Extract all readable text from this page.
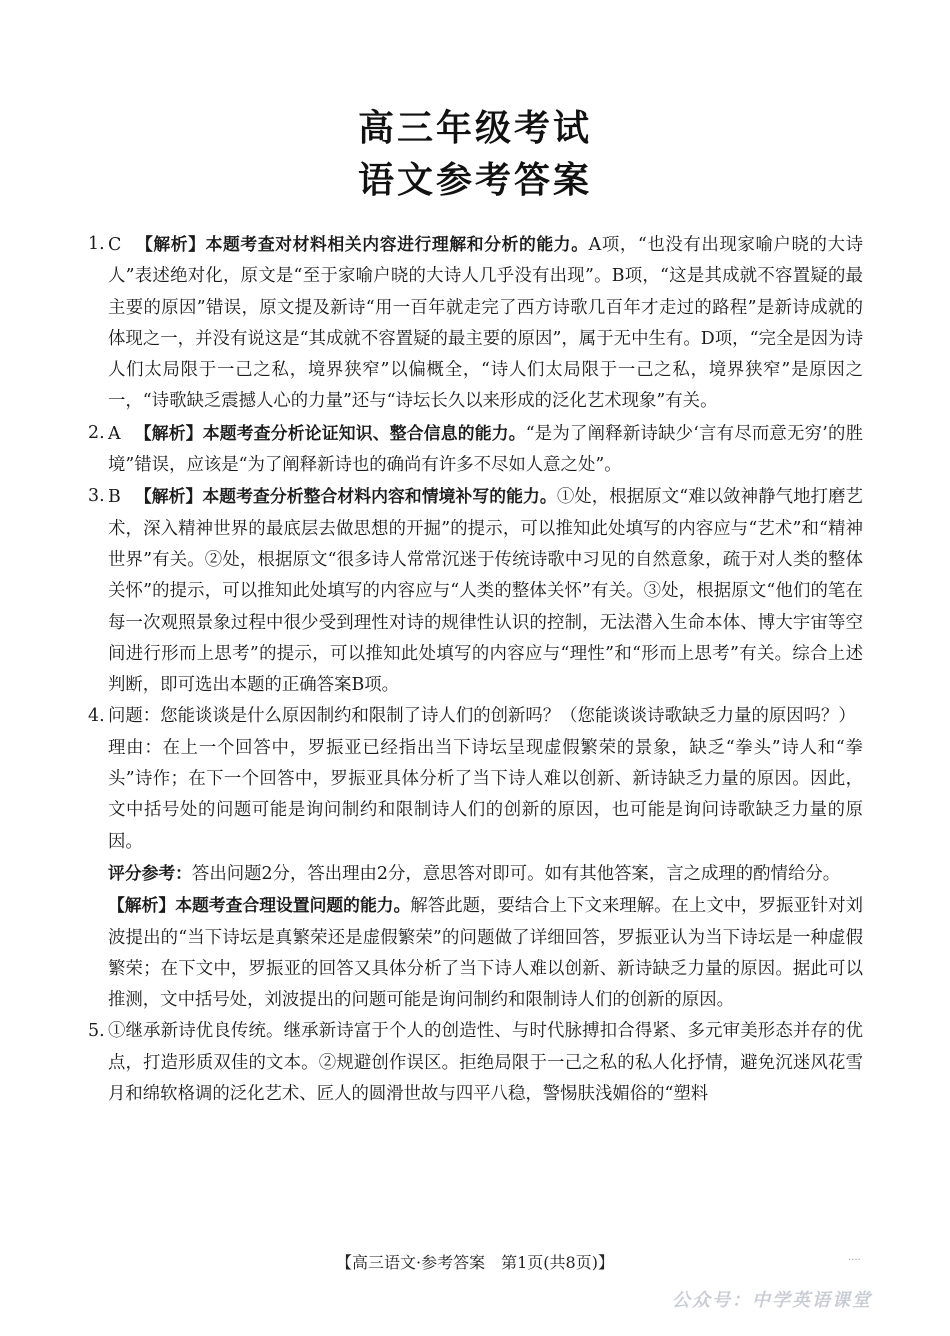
高三年级考试
语文参考答案
1. C 【解析】本题考查对材料相关内容进行理解和分析的能力。A项，“也没有出现家喻户晓的大诗人”表述绝对化，原文是“至于家喻户晓的大诗人几乎没有出现”。B项，“这是其成就不容置疑的最主要的原因”错误，原文提及新诗“用一百年就走完了西方诗歌几百年才走过的路程”是新诗成就的体现之一，并没有说这是“其成就不容置疑的最主要的原因”，属于无中生有。D项，“完全是因为诗人们太局限于一己之私，境界狭窄”以偏概全，“诗人们太局限于一己之私，境界狭窄”是原因之一，“诗歌缺乏震撼人心的力量”还与“诗坛长久以来形成的泛化艺术现象”有关。
2. A 【解析】本题考查分析论证知识、整合信息的能力。“是为了阐释新诗缺少‘言有尽而意无穷’的胜境”错误，应该是“为了阐释新诗也的确尚有许多不尽如人意之处”。
3. B 【解析】本题考查分析整合材料内容和情境补写的能力。①处，根据原文“难以敛神静气地打磨艺术，深入精神世界的最底层去做思想的开掘”的提示，可以推知此处填写的内容应与“艺术”和“精神世界”有关。②处，根据原文“很多诗人常常沉迷于传统诗歌中习见的自然意象，疏于对人类的整体关怀”的提示，可以推知此处填写的内容应与“人类的整体关怀”有关。③处，根据原文“他们的笔在每一次观照景象过程中很少受到理性对诗的规律性认识的控制，无法潜入生命本体、博大宇宙等空间进行形而上思考”的提示，可以推知此处填写的内容应与“理性”和“形而上思考”有关。综合上述判断，即可选出本题的正确答案B项。
4. 问题：您能谈谈是什么原因制约和限制了诗人们的创新吗？（您能谈谈诗歌缺乏力量的原因吗？）
理由：在上一个回答中，罗振亚已经指出当下诗坛呈现虚假繁荣的景象，缺乏“拳头”诗人和“拳头”诗作；在下一个回答中，罗振亚具体分析了当下诗人难以创新、新诗缺乏力量的原因。因此，文中括号处的问题可能是询问制约和限制诗人们的创新的原因，也可能是询问诗歌缺乏力量的原因。
评分参考：答出问题2分，答出理由2分，意思答对即可。如有其他答案，言之成理的酌情给分。
【解析】本题考查合理设置问题的能力。解答此题，要结合上下文来理解。在上文中，罗振亚针对刘波提出的“当下诗坛是真繁荣还是虚假繁荣”的问题做了详细回答，罗振亚认为当下诗坛是一种虚假繁荣；在下文中，罗振亚的回答又具体分析了当下诗人难以创新、新诗缺乏力量的原因。据此可以推测，文中括号处，刘波提出的问题可能是询问制约和限制诗人们的创新的原因。
5. ①继承新诗优良传统。继承新诗富于个人的创造性、与时代脉搏扣合得紧、多元审美形态并存的优点，打造形质双佳的文本。②规避创作误区。拒绝局限于一己之私的私人化抒情，避免沉迷风花雪月和绵软格调的泛化艺术、匠人的圆滑世故与四平八稳，警惕肤浅媚俗的“塑料
【高三语文·参考答案　第1页(共8页)】	....
公众号：中学英语课堂
